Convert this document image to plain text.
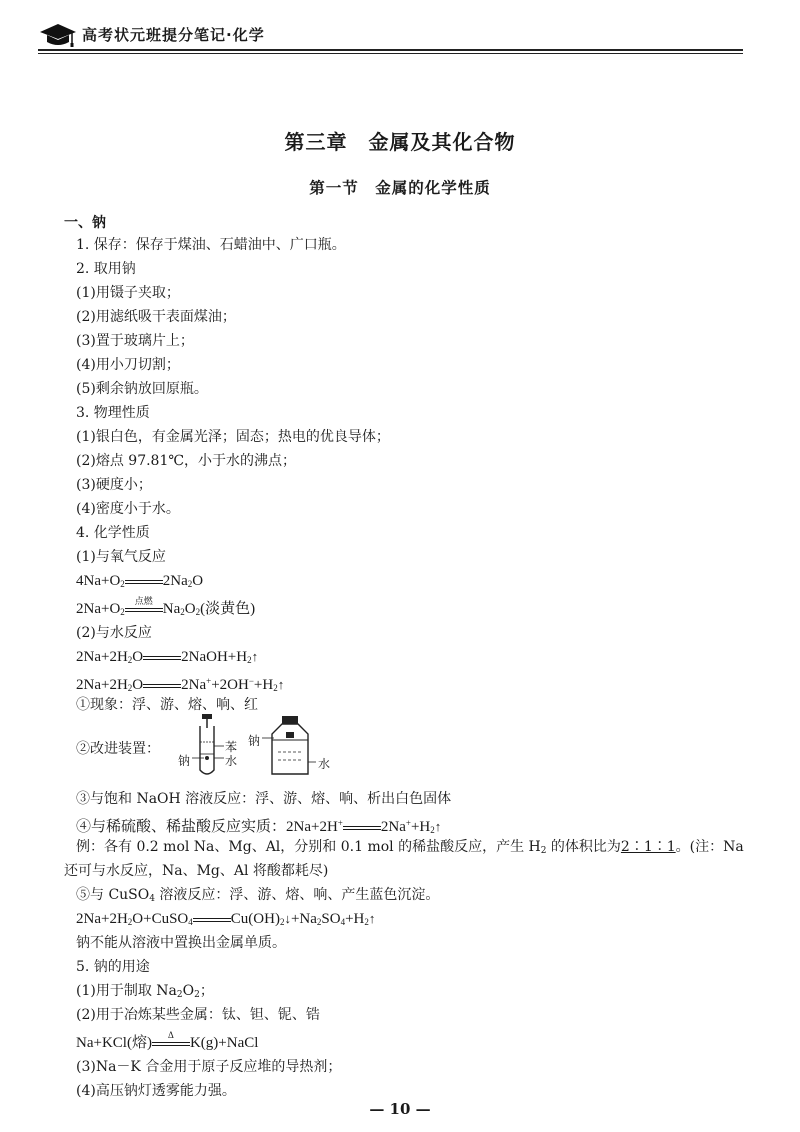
高考状元班提分笔记·化学
第三章　金属及其化合物
第一节　金属的化学性质
一、钠
1. 保存：保存于煤油、石蜡油中、广口瓶。
2. 取用钠
(1)用镊子夹取；
(2)用滤纸吸干表面煤油；
(3)置于玻璃片上；
(4)用小刀切割；
(5)剩余钠放回原瓶。
3. 物理性质
(1)银白色，有金属光泽；固态；热电的优良导体；
(2)熔点 97.81℃，小于水的沸点；
(3)硬度小；
(4)密度小于水。
4. 化学性质
(1)与氧气反应
$4Na+O_2$	$2Na_2O$
$2Na+O_2$
点燃
$Na_2O_2$(淡黄色)
(2)与水反应
$2Na+2H_2O$	$2NaOH+H_2↑$
$2Na+2H_2O$	$2Na^++2OH^-+H_2↑$
①现象：浮、游、熔、响、红
②改进装置：
③与饱和 NaOH 溶液反应：浮、游、熔、响、析出白色固体
④与稀硫酸、稀盐酸反应实质：2Na+2H+	$2Na^++H_2↑$
例：各有 0.2 mol Na、Mg、Al，分别和 0.1 mol 的稀盐酸反应，产生 $H_2$ 的体积比为2∶1∶1。(注：Na
还可与水反应，Na、Mg、Al 将酸都耗尽)
⑤与 CuSO$_4$ 溶液反应：浮、游、熔、响、产生蓝色沉淀。
$2Na+2H_2O+CuSO_4$	$Cu(OH)_2↓+Na_2SO_4+H_2↑$
钠不能从溶液中置换出金属单质。
5. 钠的用途
(1)用于制取 $Na_2O_2$；
(2)用于冶炼某些金属：钛、钽、铌、锆
Na+KCl(熔)
Δ
K(g)+NaCl
(3)Na－K 合金用于原子反应堆的导热剂；
(4)高压钠灯透雾能力强。
钠
苯
水
钠
水
— 10 —
